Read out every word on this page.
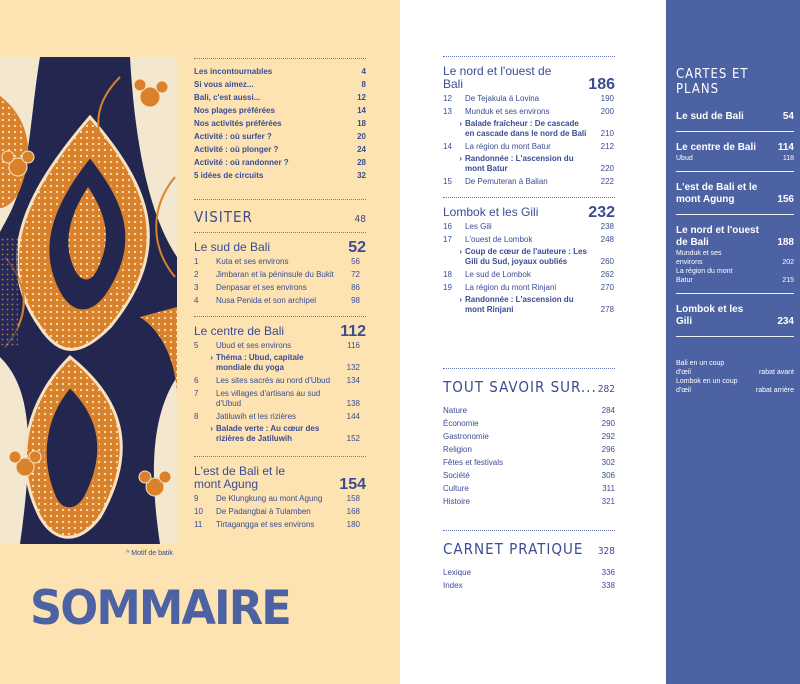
^ Motif de batik
SOMMAIRE
Les incontournables	4
Si vous aimez...	8
Bali, c'est aussi...	12
Nos plages préférées	14
Nos activités préférées	18
Activité : où surfer ?	20
Activité : où plonger ?	24
Activité : où randonner ?	28
5 idées de circuits	32
VISITER	48
Le sud de Bali	52
1	Kuta et ses environs	56
2	Jimbaran et la péninsule du Bukit	72
3	Denpasar et ses environs	86
4	Nusa Penida et son archipel	98
Le centre de Bali	112
5	Ubud et ses environs	116
› Théma : Ubud, capitale mondiale du yoga	132
6	Les sites sacrés au nord d'Ubud	134
7	Les villages d'artisans au sud d'Ubud	138
8	Jatiluwih et les rizières	144
› Balade verte : Au cœur des rizières de Jatiluwih	152
L'est de Bali et le mont Agung	154
9	De Klungkung au mont Agung	158
10	De Padangbai à Tulamben	168
11	Tirtagangga et ses environs	180
Le nord et l'ouest de Bali	186
12	De Tejakula à Lovina	190
13	Munduk et ses environs	200
› Balade fraîcheur : De cascade en cascade dans le nord de Bali	210
14	La région du mont Batur	212
› Randonnée : L'ascension du mont Batur	220
15	De Pemuteran à Balian	222
Lombok et les Gili	232
16	Les Gili	238
17	L'ouest de Lombok	248
› Coup de cœur de l'auteure : Les Gili du Sud, joyaux oubliés	260
18	Le sud de Lombok	262
19	La région du mont Rinjani	270
› Randonnée : L'ascension du mont Rinjani	278
TOUT SAVOIR SUR... 282
Nature	284
Économie	290
Gastronomie	292
Religion	296
Fêtes et festivals	302
Société	306
Culture	311
Histoire	321
CARNET PRATIQUE 328
Lexique	336
Index	338
CARTES ET PLANS
Le sud de Bali	54
Le centre de Bali 114
Ubud	118
L'est de Bali et le mont Agung	156
Le nord et l'ouest de Bali	188
Munduk et ses environs	202
La région du mont Batur	215
Lombok et les Gili	234
Bali en un coup d'œil	rabat avant
Lombok en un coup d'œil	rabat arrière
